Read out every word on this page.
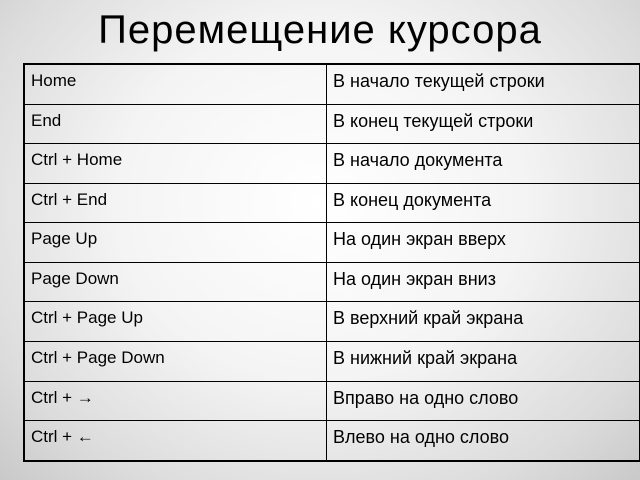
Перемещение курсора
Home	В начало текущей строки
End	В конец текущей строки
Ctrl + Home	В начало документа
Ctrl + End	В конец документа
Page Up	На один экран вверх
Page Down	На один экран вниз
Ctrl + Page Up	В верхний край экрана
Ctrl + Page Down	В нижний край экрана
Ctrl + →	Вправо на одно слово
Ctrl + ←	Влево на одно слово
